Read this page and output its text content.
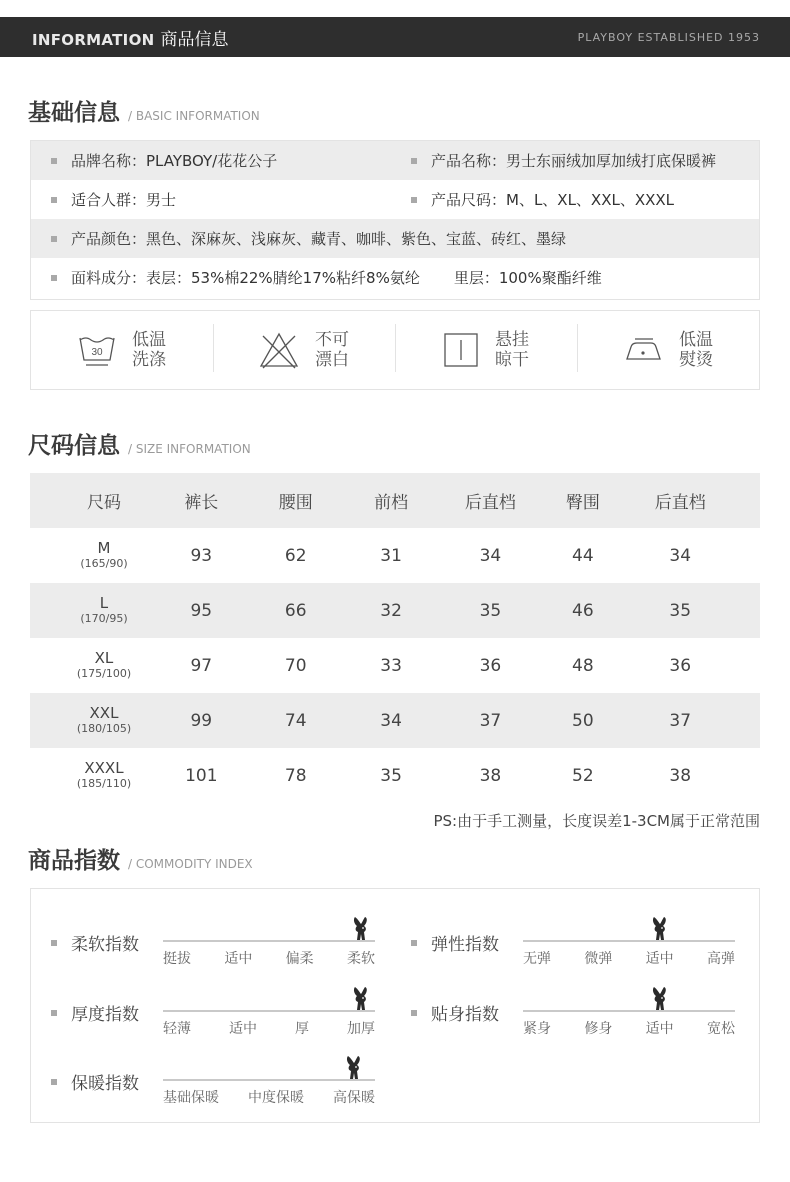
INFORMATION 商品信息	PLAYBOY ESTABLISHED 1953
基础信息 / BASIC INFORMATION
品牌名称：PLAYBOY/花花公子	产品名称：男士东丽绒加厚加绒打底保暖裤
适合人群：男士	产品尺码：M、L、XL、XXL、XXXL
产品颜色：黑色、深麻灰、浅麻灰、藏青、咖啡、紫色、宝蓝、砖红、墨绿
面料成分：表层：53%棉22%腈纶17%粘纤8%氨纶 里层：100%聚酯纤维
30
低温
洗涤
不可
漂白
悬挂
晾干
低温
熨烫
尺码信息 / SIZE INFORMATION
尺码	裤长	腰围	前档	后直档	臀围	后直档
M
(165/90)	93	62	31	34	44	34
L
(170/95)	95	66	32	35	46	35
XL
(175/100)	97	70	33	36	48	36
XXL
(180/105)	99	74	34	37	50	37
XXXL
(185/110)	101	78	35	38	52	38
PS:由于手工测量，长度误差1-3CM属于正常范围
商品指数 / COMMODITY INDEX
柔软指数
挺拔 适中 偏柔 柔软
弹性指数
无弹 微弹 适中 高弹
厚度指数
轻薄	适中	厚	加厚
贴身指数
紧身 修身 适中 宽松
保暖指数
基础保暖 中度保暖 高保暖
